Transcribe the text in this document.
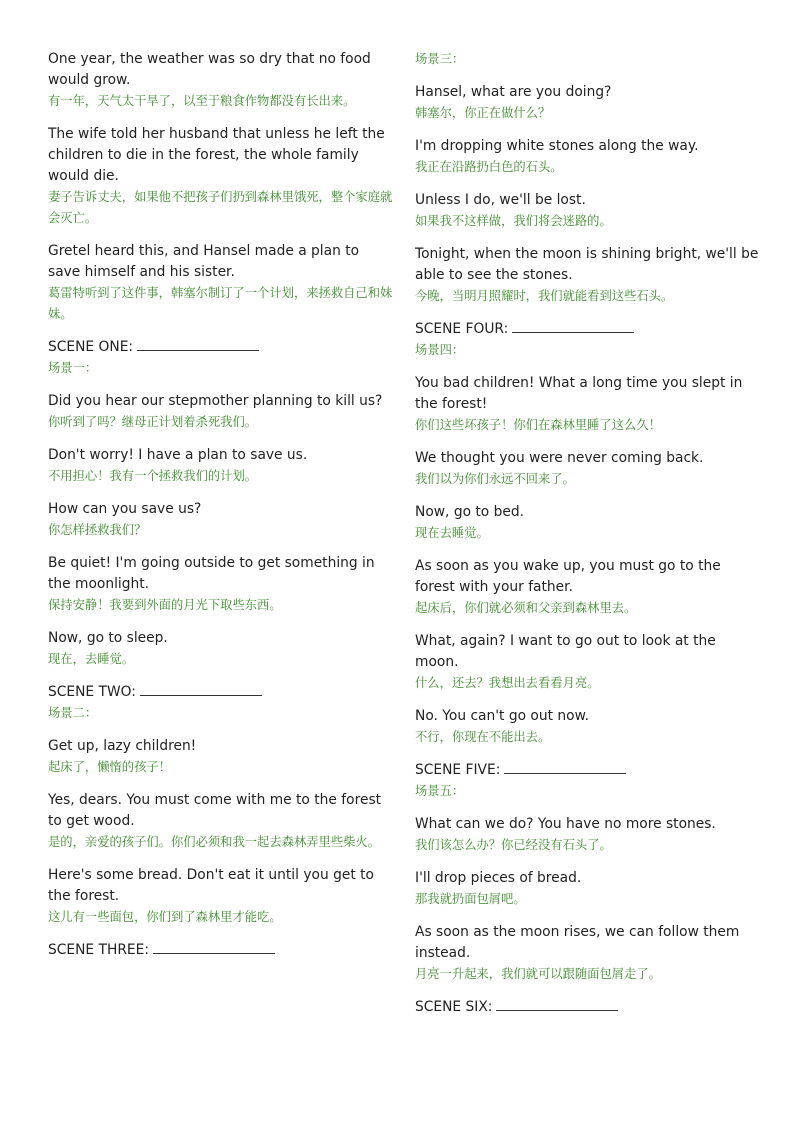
One year, the weather was so dry that no food would grow.
有一年，天气太干旱了，以至于粮食作物都没有长出来。
The wife told her husband that unless he left the children to die in the forest, the whole family would die.
妻子告诉丈夫，如果他不把孩子们扔到森林里饿死，整个家庭就会灭亡。
Gretel heard this, and Hansel made a plan to save himself and his sister.
葛雷特听到了这件事，韩塞尔制订了一个计划，来拯救自己和妹妹。
SCENE ONE:
场景一：
Did you hear our stepmother planning to kill us?
你听到了吗？继母正计划着杀死我们。
Don't worry! I have a plan to save us.
不用担心！我有一个拯救我们的计划。
How can you save us?
你怎样拯救我们？
Be quiet! I'm going outside to get something in the moonlight.
保持安静！我要到外面的月光下取些东西。
Now, go to sleep.
现在，去睡觉。
SCENE TWO:
场景二：
Get up, lazy children!
起床了，懒惰的孩子！
Yes, dears. You must come with me to the forest to get wood.
是的，亲爱的孩子们。你们必须和我一起去森林弄里些柴火。
Here's some bread. Don't eat it until you get to the forest.
这儿有一些面包，你们到了森林里才能吃。
SCENE THREE:
场景三：
Hansel, what are you doing?
韩塞尔，你正在做什么？
I'm dropping white stones along the way.
我正在沿路扔白色的石头。
Unless I do, we'll be lost.
如果我不这样做，我们将会迷路的。
Tonight, when the moon is shining bright, we'll be able to see the stones.
今晚，当明月照耀时，我们就能看到这些石头。
SCENE FOUR:
场景四：
You bad children! What a long time you slept in the forest!
你们这些坏孩子！你们在森林里睡了这么久！
We thought you were never coming back.
我们以为你们永远不回来了。
Now, go to bed.
现在去睡觉。
As soon as you wake up, you must go to the forest with your father.
起床后，你们就必须和父亲到森林里去。
What, again? I want to go out to look at the moon.
什么，还去？我想出去看看月亮。
No. You can't go out now.
不行，你现在不能出去。
SCENE FIVE:
场景五：
What can we do? You have no more stones.
我们该怎么办？你已经没有石头了。
I'll drop pieces of bread.
那我就扔面包屑吧。
As soon as the moon rises, we can follow them instead.
月亮一升起来，我们就可以跟随面包屑走了。
SCENE SIX:
